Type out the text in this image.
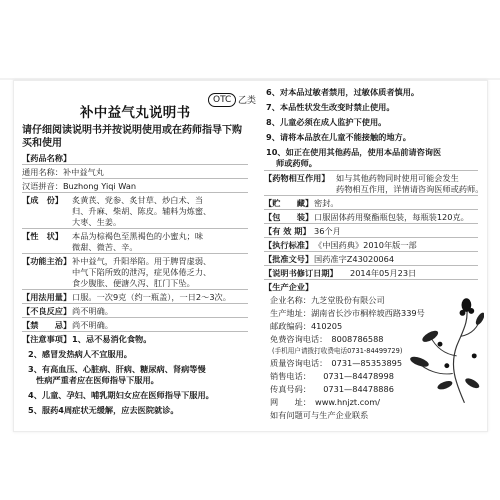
OTC 乙类
补中益气丸说明书
请仔细阅读说明书并按说明使用或在药师指导下购买和使用
【药品名称】
通用名称：补中益气丸
汉语拼音：Buzhong Yiqi Wan
【成　份】 炙黄芪、党参、炙甘草、炒白术、当
归、升麻、柴胡、陈皮。辅料为炼蜜、
大枣、生姜。
【性　状】 本品为棕褐色至黑褐色的小蜜丸；味
微甜、微苦、辛。
【功能主治】 补中益气，升阳举陷。用于脾胃虚弱、
中气下陷所致的泄泻，症见体倦乏力、
食少腹胀、便溏久泻、肛门下坠。
【用法用量】 口服。一次9克（约一瓶盖），一日2～3次。
【不良反应】 尚不明确。
【禁　　忌】 尚不明确。
【注意事项】 1、忌不易消化食物。
2、感冒发热病人不宜服用。
3、有高血压、心脏病、肝病、糖尿病、肾病等慢
性病严重者应在医师指导下服用。
4、儿童、孕妇、哺乳期妇女应在医师指导下服用。
5、服药4周症状无缓解，应去医院就诊。
6、对本品过敏者禁用，过敏体质者慎用。
7、本品性状发生改变时禁止使用。
8、儿童必须在成人监护下使用。
9、请将本品放在儿童不能接触的地方。
10、如正在使用其他药品，使用本品前请咨询医
师或药师。
【药物相互作用】 如与其他药物同时使用可能会发生
药物相互作用，详情请咨询医师或药师。
【贮　　藏】 密封。
【包　　装】 口服固体药用聚酯瓶包装，每瓶装120克。
【有 效 期】 36个月
【执行标准】 《中国药典》2010年版一部
【批准文号】 国药准字Z43020064
【说明书修订日期】 2014年05月23日
【生产企业】
企业名称：九芝堂股份有限公司
生产地址：湖南省长沙市桐梓坡西路339号
邮政编码：410205
免费咨询电话：　8008786588
(手机用户请拨打收费电话0731-84499729)
质量咨询电话：　0731—85353895
销售电话：　　0731—84478998
传真号码：　　0731—84478886
网　　址：　www.hnjzt.com/
如有问题可与生产企业联系
